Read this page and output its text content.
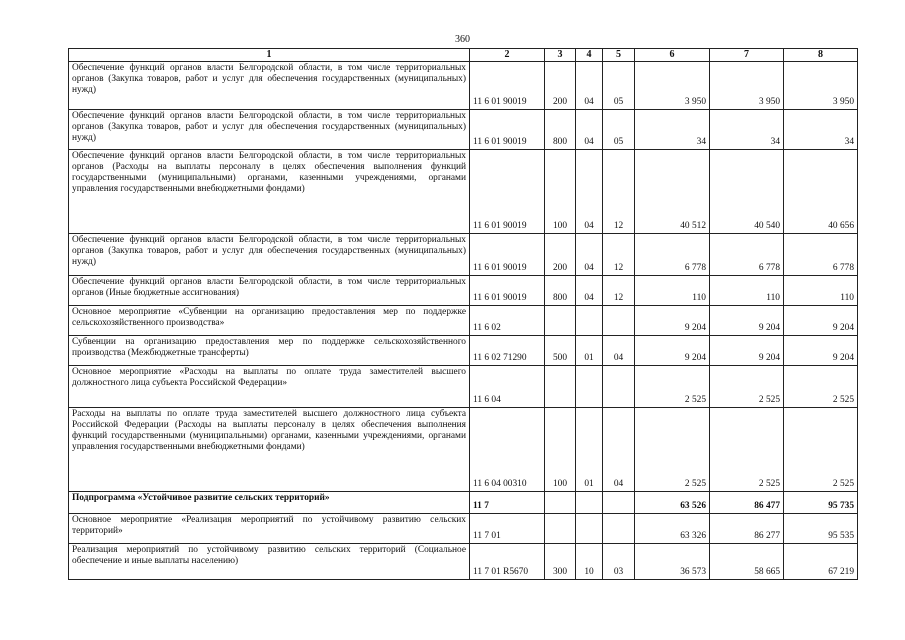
360
1	2	3	4	5	6	7	8
Обеспечение функций органов власти Белгородской области, в том числе территориальных органов (Закупка товаров, работ и услуг для обеспечения государственных (муниципальных) нужд)	11 6 01 90019	200	04	05	3 950	3 950	3 950
Обеспечение функций органов власти Белгородской области, в том числе территориальных органов (Закупка товаров, работ и услуг для обеспечения государственных (муниципальных) нужд)	11 6 01 90019	800	04	05	34	34	34
Обеспечение функций органов власти Белгородской области, в том числе территориальных органов (Расходы на выплаты персоналу в целях обеспечения выполнения функций государственными (муниципальными) органами, казенными учреждениями, органами управления государственными внебюджетными фондами)	11 6 01 90019	100	04	12	40 512	40 540	40 656
Обеспечение функций органов власти Белгородской области, в том числе территориальных органов (Закупка товаров, работ и услуг для обеспечения государственных (муниципальных) нужд)	11 6 01 90019	200	04	12	6 778	6 778	6 778
Обеспечение функций органов власти Белгородской области, в том числе территориальных органов (Иные бюджетные ассигнования)	11 6 01 90019	800	04	12	110	110	110
Основное мероприятие «Субвенции на организацию предоставления мер по поддержке сельскохозяйственного производства»	11 6 02				9 204	9 204	9 204
Субвенции на организацию предоставления мер по поддержке сельскохозяйственного производства (Межбюджетные трансферты)	11 6 02 71290	500	01	04	9 204	9 204	9 204
Основное мероприятие «Расходы на выплаты по оплате труда заместителей высшего должностного лица субъекта Российской Федерации»	11 6 04				2 525	2 525	2 525
Расходы на выплаты по оплате труда заместителей высшего должностного лица субъекта Российской Федерации (Расходы на выплаты персоналу в целях обеспечения выполнения функций государственными (муниципальными) органами, казенными учреждениями, органами управления государственными внебюджетными фондами)	11 6 04 00310	100	01	04	2 525	2 525	2 525
Подпрограмма «Устойчивое развитие сельских территорий»	11 7				63 526	86 477	95 735
Основное мероприятие «Реализация мероприятий по устойчивому развитию сельских территорий»	11 7 01				63 326	86 277	95 535
Реализация мероприятий по устойчивому развитию сельских территорий (Социальное обеспечение и иные выплаты населению)	11 7 01 R5670	300	10	03	36 573	58 665	67 219
